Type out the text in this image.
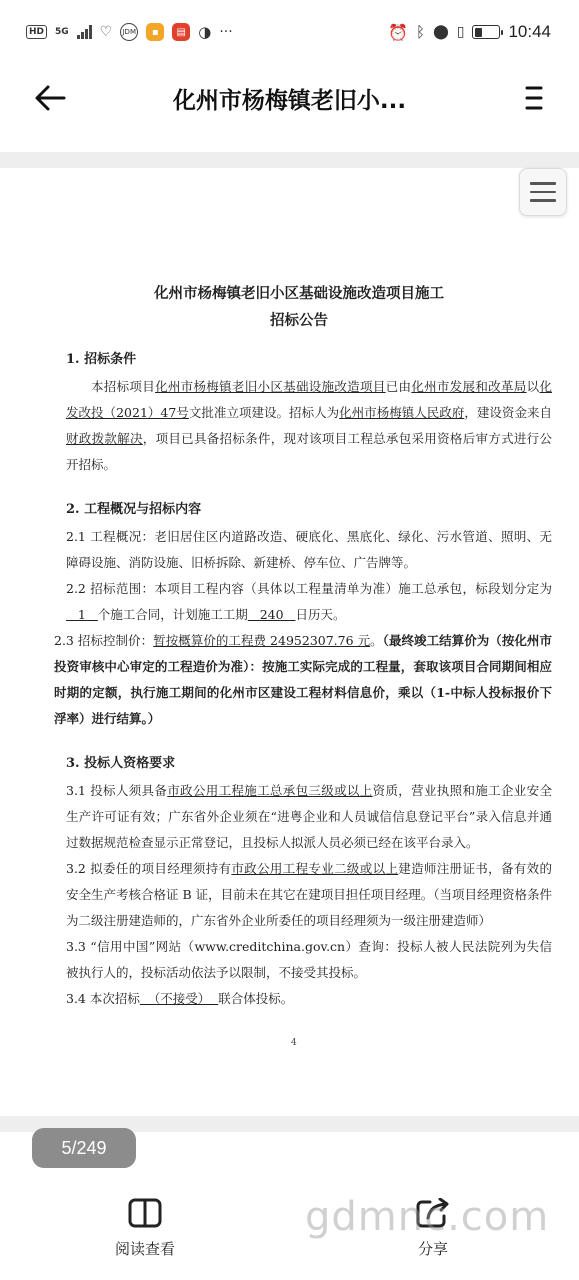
HD	5G ♡	JDM	▪	▤ ◑ ···	⏰ ᛒ ⬤ ▯	10:44
化州市杨梅镇老旧小...
化州市杨梅镇老旧小区基础设施改造项目施工
招标公告
1. 招标条件
本招标项目化州市杨梅镇老旧小区基础设施改造项目已由化州市发展和改革局以化发改投（2021）47号文批准立项建设。招标人为化州市杨梅镇人民政府，建设资金来自财政拨款解决，项目已具备招标条件，现对该项目工程总承包采用资格后审方式进行公开招标。
2. 工程概况与招标内容
2.1 工程概况：老旧居住区内道路改造、硬底化、黑底化、绿化、污水管道、照明、无障碍设施、消防设施、旧桥拆除、新建桥、停车位、广告牌等。
2.2 招标范围：本项目工程内容（具体以工程量清单为准）施工总承包，标段划分定为   1   个施工合同，计划施工工期   240   日历天。
2.3 招标控制价：暂按概算价的工程费 24952307.76 元。（最终竣工结算价为（按化州市投资审核中心审定的工程造价为准）：按施工实际完成的工程量，套取该项目合同期间相应时期的定额，执行施工期间的化州市区建设工程材料信息价，乘以（1-中标人投标报价下浮率）进行结算。）
3. 投标人资格要求
3.1 投标人须具备市政公用工程施工总承包三级或以上资质，营业执照和施工企业安全生产许可证有效；广东省外企业须在“进粤企业和人员诚信信息登记平台”录入信息并通过数据规范检查显示正常登记，且投标人拟派人员必须已经在该平台录入。
3.2 拟委任的项目经理须持有市政公用工程专业二级或以上建造师注册证书，备有效的安全生产考核合格证 B 证，目前未在其它在建项目担任项目经理。（当项目经理资格条件为二级注册建造师的，广东省外企业所委任的项目经理须为一级注册建造师）
3.3 “信用中国”网站（www.creditchina.gov.cn）查询：投标人被人民法院列为失信被执行人的，投标活动依法予以限制，不接受其投标。
3.4 本次招标  （不接受）  联合体投标。
4
5/249
阅读查看	分享
gdmnc.com
